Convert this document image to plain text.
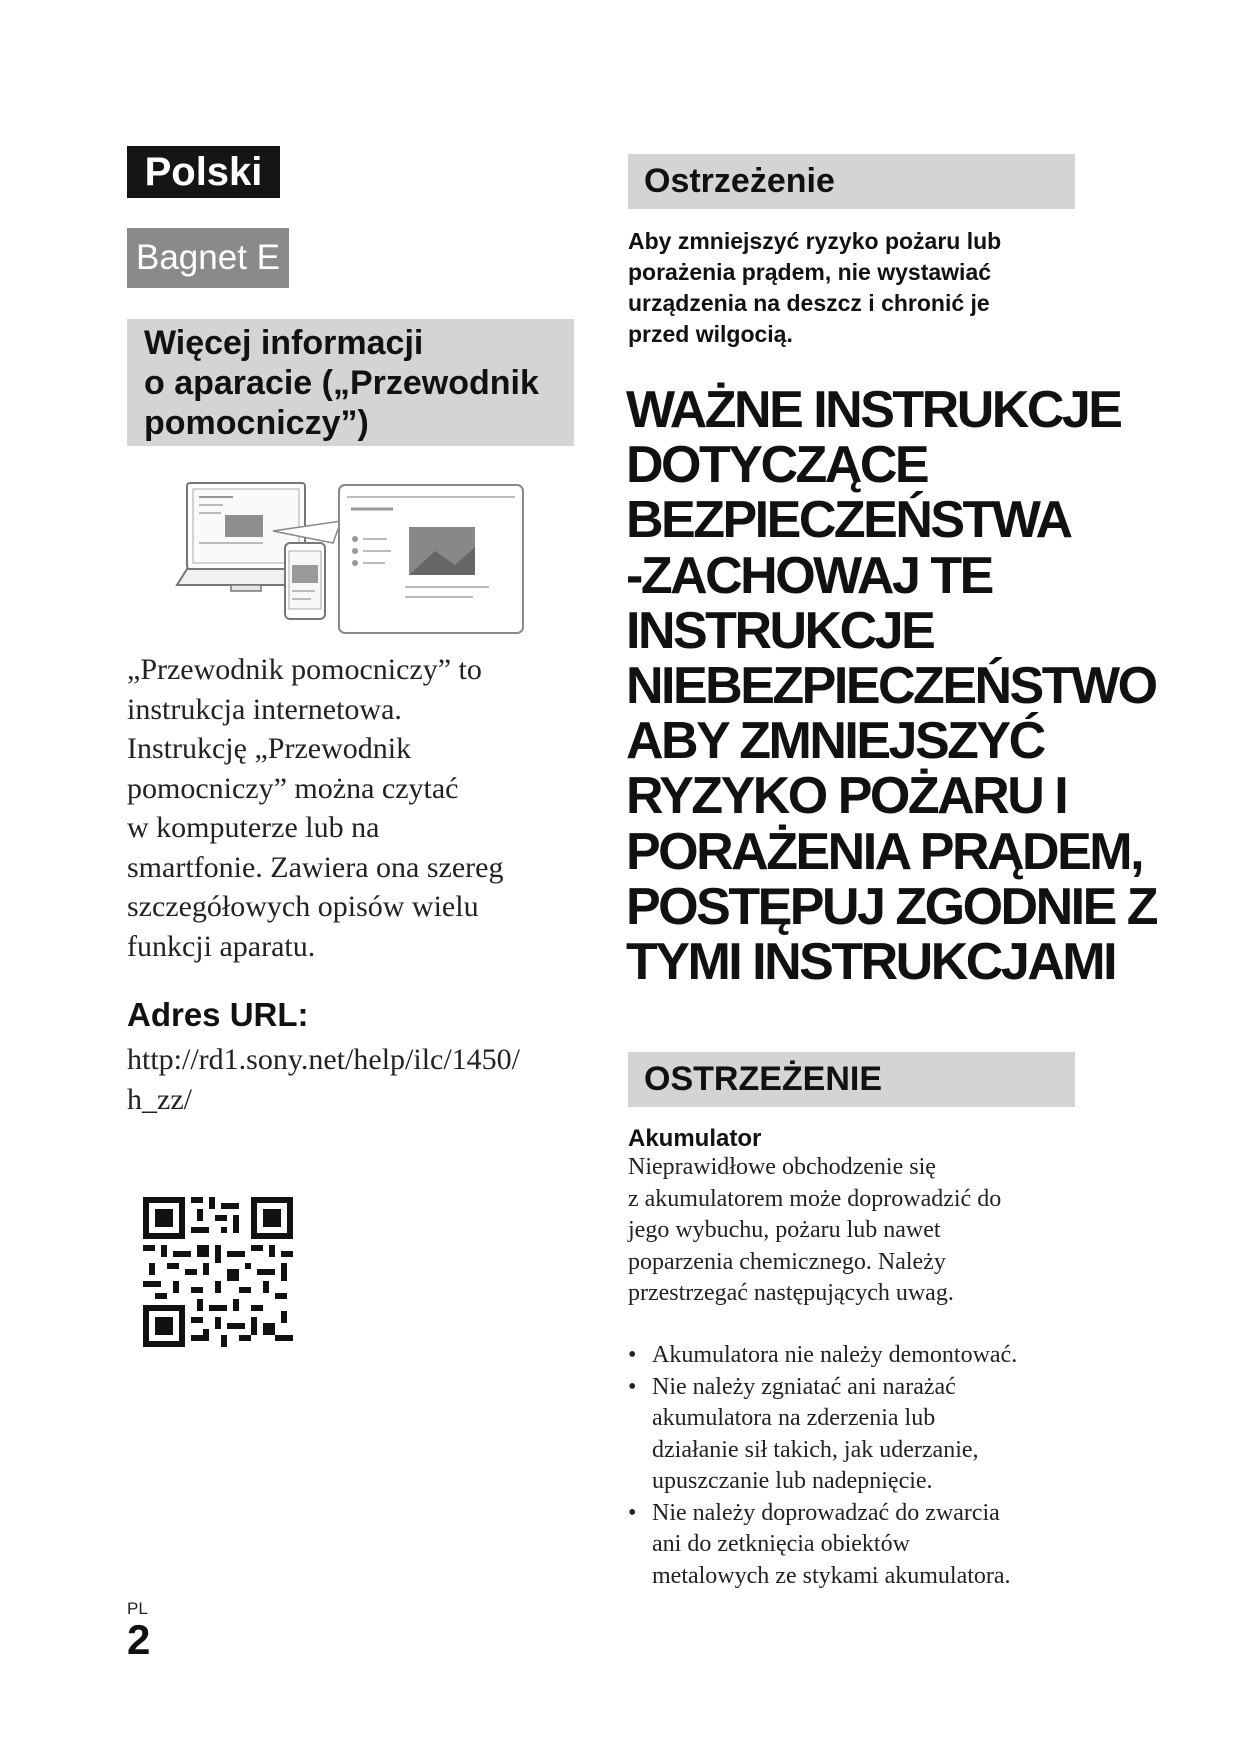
Polski
Bagnet E
Więcej informacji
o aparacie („Przewodnik
pomocniczy”)
„Przewodnik pomocniczy” to
instrukcja internetowa.
Instrukcję „Przewodnik
pomocniczy” można czytać
w komputerze lub na
smartfonie. Zawiera ona szereg
szczegółowych opisów wielu
funkcji aparatu.
Adres URL:
http://rd1.sony.net/help/ilc/1450/
h_zz/
PL
2
Ostrzeżenie
Aby zmniejszyć ryzyko pożaru lub
porażenia prądem, nie wystawiać
urządzenia na deszcz i chronić je
przed wilgocią.
WAŻNE INSTRUKCJE
DOTYCZĄCE
BEZPIECZEŃSTWA
-ZACHOWAJ TE
INSTRUKCJE
NIEBEZPIECZEŃSTWO
ABY ZMNIEJSZYĆ
RYZYKO POŻARU I
PORAŻENIA PRĄDEM,
POSTĘPUJ ZGODNIE Z
TYMI INSTRUKCJAMI
OSTRZEŻENIE
Akumulator
Nieprawidłowe obchodzenie się
z akumulatorem może doprowadzić do
jego wybuchu, pożaru lub nawet
poparzenia chemicznego. Należy
przestrzegać następujących uwag.
• Akumulatora nie należy demontować.
• Nie należy zgniatać ani narażać
akumulatora na zderzenia lub
działanie sił takich, jak uderzanie,
upuszczanie lub nadepnięcie.
• Nie należy doprowadzać do zwarcia
ani do zetknięcia obiektów
metalowych ze stykami akumulatora.
